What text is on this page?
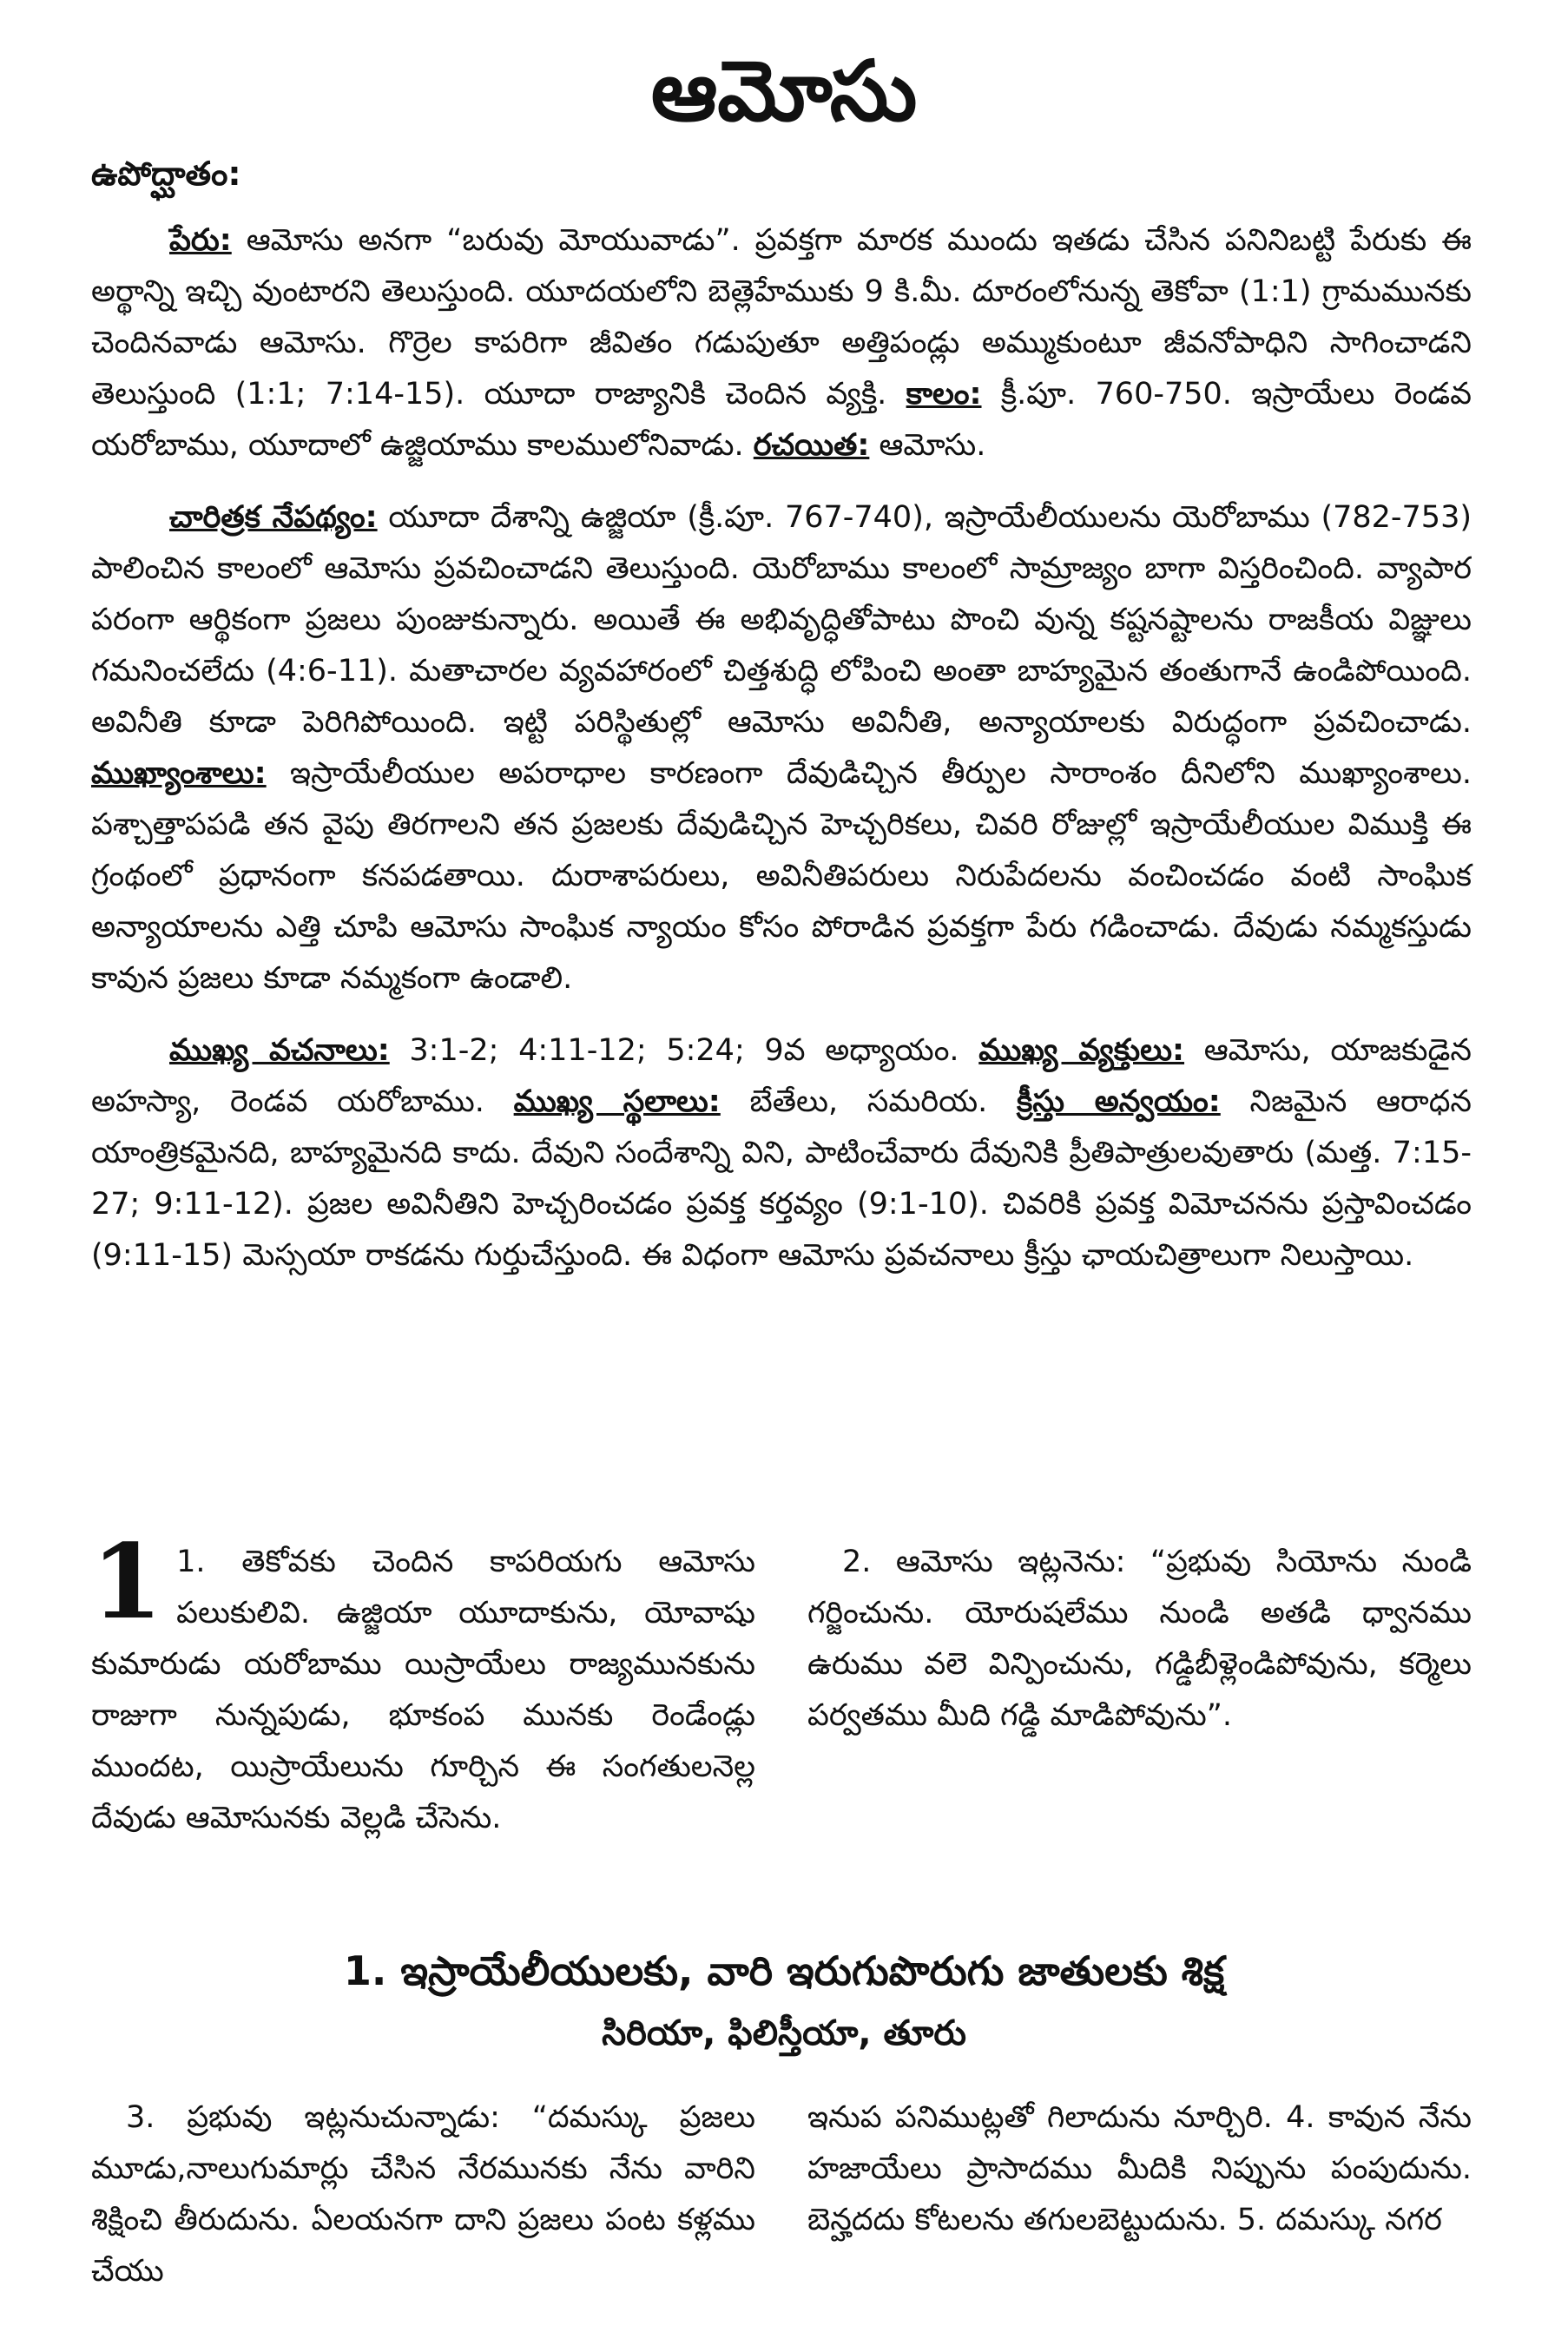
ఆమోసు
ఉపోద్ఘాతం:

పేరు: ఆమోసు అనగా “బరువు మోయువాడు”. ప్రవక్తగా మారక ముందు ఇతడు చేసిన పనినిబట్టి పేరుకు ఈ అర్థాన్ని ఇచ్చి వుంటారని తెలుస్తుంది. యూదయలోని బెత్లెహేముకు 9 కి.మీ. దూరంలోనున్న తెకోవా (1:1) గ్రామమునకు చెందినవాడు ఆమోసు. గొర్రెల కాపరిగా జీవితం గడుపుతూ అత్తిపండ్లు అమ్ముకుంటూ జీవనోపాధిని సాగించాడని తెలుస్తుంది (1:1; 7:14-15). యూదా రాజ్యానికి చెందిన వ్యక్తి. కాలం: క్రీ.పూ. 760-750. ఇస్రాయేలు రెండవ యరోబాము, యూదాలో ఉజ్జియాము కాలములోనివాడు. రచయిత: ఆమోసు.

చారిత్రక నేపథ్యం: యూదా దేశాన్ని ఉజ్జియా (క్రీ.పూ. 767-740), ఇస్రాయేలీయులను యెరోబాము (782-753) పాలించిన కాలంలో ఆమోసు ప్రవచించాడని తెలుస్తుంది. యెరోబాము కాలంలో సామ్రాజ్యం బాగా విస్తరించింది. వ్యాపార పరంగా ఆర్థికంగా ప్రజలు పుంజుకున్నారు. అయితే ఈ అభివృద్ధితోపాటు పొంచి వున్న కష్టనష్టాలను రాజకీయ విజ్ఞులు గమనించలేదు (4:6-11). మతాచారల వ్యవహారంలో చిత్తశుద్ధి లోపించి అంతా బాహ్యమైన తంతుగానే ఉండిపోయింది. అవినీతి కూడా పెరిగిపోయింది. ఇట్టి పరిస్థితుల్లో ఆమోసు అవినీతి, అన్యాయాలకు విరుద్ధంగా ప్రవచించాడు. ముఖ్యాంశాలు: ఇస్రాయేలీయుల అపరాధాల కారణంగా దేవుడిచ్చిన తీర్పుల సారాంశం దీనిలోని ముఖ్యాంశాలు. పశ్చాత్తాపపడి తన వైపు తిరగాలని తన ప్రజలకు దేవుడిచ్చిన హెచ్చరికలు, చివరి రోజుల్లో ఇస్రాయేలీయుల విముక్తి ఈ గ్రంథంలో ప్రధానంగా కనపడతాయి. దురాశాపరులు, అవినీతిపరులు నిరుపేదలను వంచించడం వంటి సాంఘిక అన్యాయాలను ఎత్తి చూపి ఆమోసు సాంఘిక న్యాయం కోసం పోరాడిన ప్రవక్తగా పేరు గడించాడు. దేవుడు నమ్మకస్తుడు కావున ప్రజలు కూడా నమ్మకంగా ఉండాలి.

ముఖ్య వచనాలు: 3:1-2; 4:11-12; 5:24; 9వ అధ్యాయం. ముఖ్య వ్యక్తులు: ఆమోసు, యాజకుడైన అహస్యా, రెండవ యరోబాము. ముఖ్య స్థలాలు: బేతేలు, సమరియ. క్రీస్తు అన్వయం: నిజమైన ఆరాధన యాంత్రికమైనది, బాహ్యమైనది కాదు. దేవుని సందేశాన్ని విని, పాటించేవారు దేవునికి ప్రీతిపాత్రులవుతారు (మత్త. 7:15-27; 9:11-12). ప్రజల అవినీతిని హెచ్చరించడం ప్రవక్త కర్తవ్యం (9:1-10). చివరికి ప్రవక్త విమోచనను ప్రస్తావించడం (9:11-15) మెస్సయా రాకడను గుర్తుచేస్తుంది. ఈ విధంగా ఆమోసు ప్రవచనాలు క్రీస్తు ఛాయచిత్రాలుగా నిలుస్తాయి.

1 1. తెకోవకు చెందిన కాపరియగు ఆమోసు పలుకులివి. ఉజ్జియా యూదాకును, యోవాషు కుమారుడు యరోబాము యిస్రాయేలు రాజ్యమునకును రాజుగా నున్నపుడు, భూకంప మునకు రెండేండ్లు ముందట, యిస్రాయేలును గూర్చిన ఈ సంగతులనెల్ల దేవుడు ఆమోసునకు వెల్లడి చేసెను.

2. ఆమోసు ఇట్లనెను: “ప్రభువు సియోను నుండి గర్జించును. యోరుషలేము నుండి అతడి ధ్వానము ఉరుము వలె విన్పించును, గడ్డిబీళ్లెండిపోవును, కర్మెలు పర్వతము మీది గడ్డి మాడిపోవును”.

1. ఇస్రాయేలీయులకు, వారి ఇరుగుపొరుగు జాతులకు శిక్ష
సిరియా, ఫిలిస్తీయా, తూరు

3. ప్రభువు ఇట్లనుచున్నాడు: “దమస్కు ప్రజలు మూడు,నాలుగుమార్లు చేసిన నేరమునకు నేను వారిని శిక్షించి తీరుదును. ఏలయనగా దాని ప్రజలు పంట కళ్లము చేయు

ఇనుప పనిముట్లతో గిలాదును నూర్చిరి. 4. కావున నేను హజాయేలు ప్రాసాదము మీదికి నిప్పును పంపుదును. బెన్హదదు కోటలను తగులబెట్టుదును. 5. దమస్కు నగర
